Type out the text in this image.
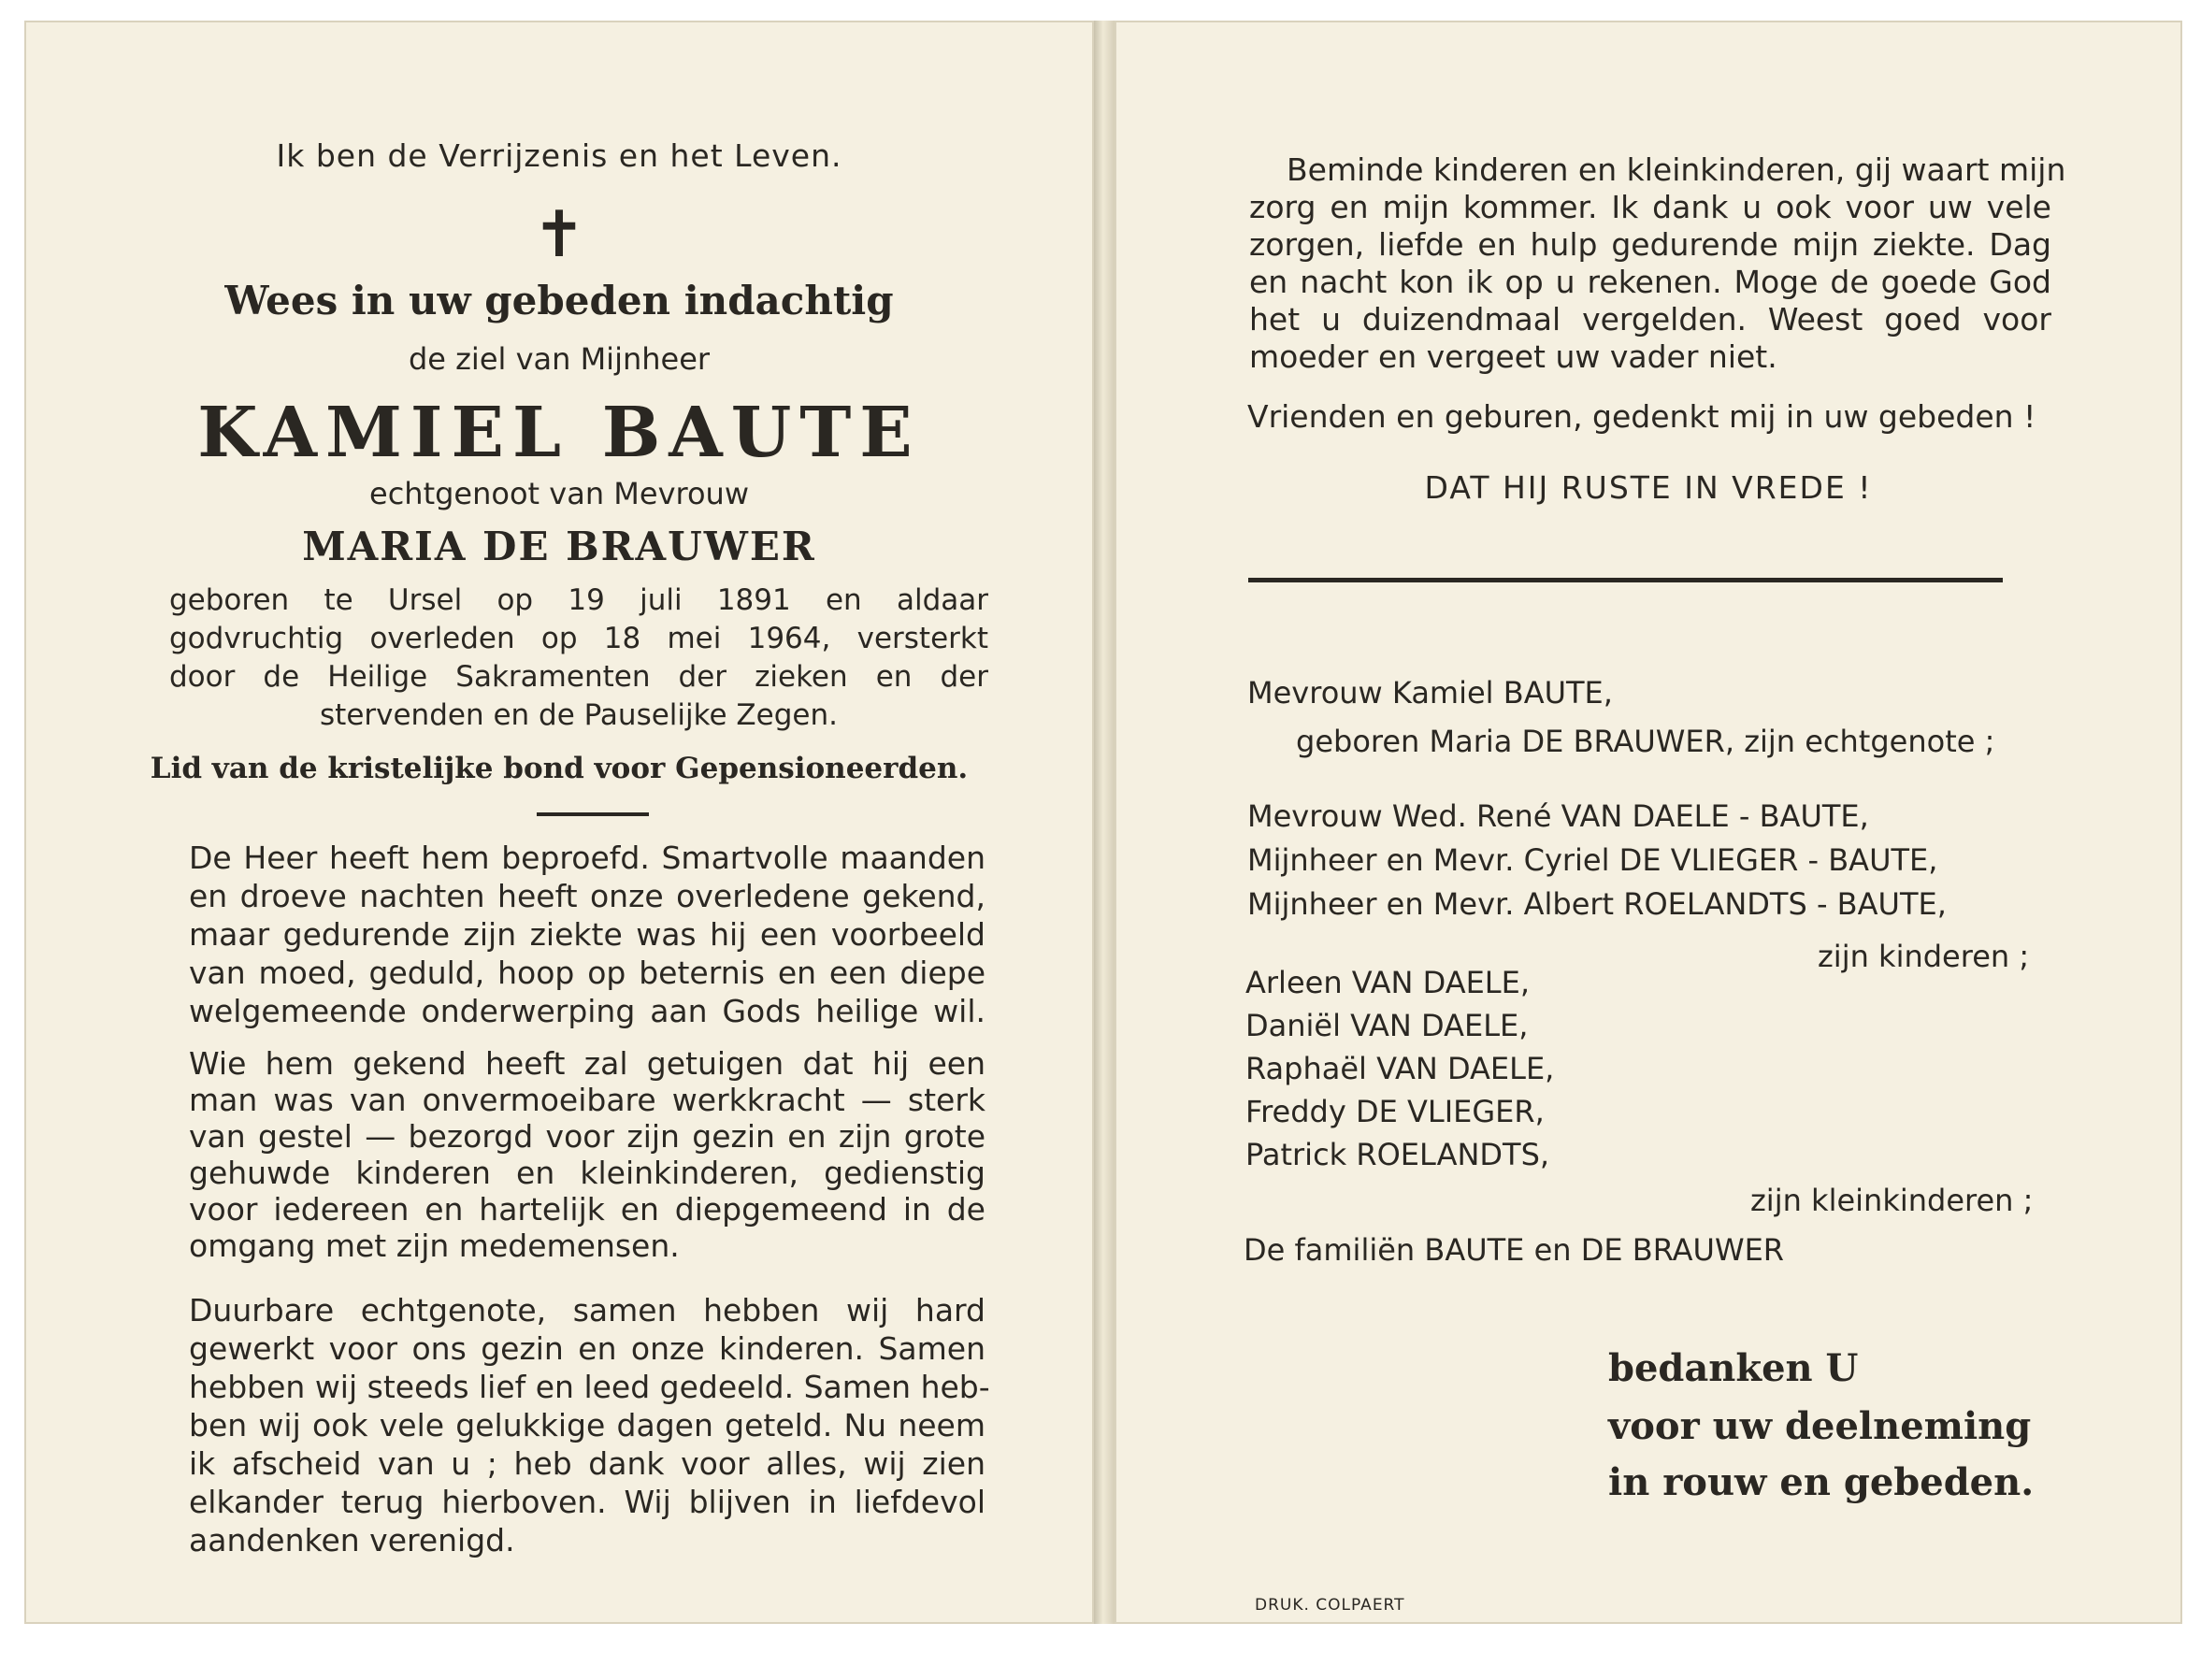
Ik ben de Verrijzenis en het Leven.

✝

Wees in uw gebeden indachtig

de ziel van Mijnheer

KAMIEL BAUTE

echtgenoot van Mevrouw

MARIA DE BRAUWER
geboren te Ursel op 19 juli 1891 en aldaar
godvruchtig overleden op 18 mei 1964, versterkt
door de Heilige Sakramenten der zieken en der
stervenden en de Pauselijke Zegen.

Lid van de kristelijke bond voor Gepensioneerden.

De Heer heeft hem beproefd. Smartvolle maanden
en droeve nachten heeft onze overledene gekend,
maar gedurende zijn ziekte was hij een voorbeeld
van moed, geduld, hoop op beternis en een diepe
welgemeende onderwerping aan Gods heilige wil.
Wie hem gekend heeft zal getuigen dat hij een
man was van onvermoeibare werkkracht — sterk
van gestel — bezorgd voor zijn gezin en zijn grote
gehuwde kinderen en kleinkinderen, gedienstig
voor iedereen en hartelijk en diepgemeend in de
omgang met zijn medemensen.
Duurbare echtgenote, samen hebben wij hard
gewerkt voor ons gezin en onze kinderen. Samen
hebben wij steeds lief en leed gedeeld. Samen heb-
ben wij ook vele gelukkige dagen geteld. Nu neem
ik afscheid van u ; heb dank voor alles, wij zien
elkander terug hierboven. Wij blijven in liefdevol
aandenken verenigd.
Beminde kinderen en kleinkinderen, gij waart mijn
zorg en mijn kommer. Ik dank u ook voor uw vele
zorgen, liefde en hulp gedurende mijn ziekte. Dag
en nacht kon ik op u rekenen. Moge de goede God
het u duizendmaal vergelden. Weest goed voor
moeder en vergeet uw vader niet.

Vrienden en geburen, gedenkt mij in uw gebeden !

DAT HIJ RUSTE IN VREDE !

Mevrouw Kamiel BAUTE,

geboren Maria DE BRAUWER, zijn echtgenote ;

Mevrouw Wed. René VAN DAELE - BAUTE,

Mijnheer en Mevr. Cyriel DE VLIEGER - BAUTE,

Mijnheer en Mevr. Albert ROELANDTS - BAUTE,

zijn kinderen ;

Arleen VAN DAELE,

Daniël VAN DAELE,

Raphaël VAN DAELE,

Freddy DE VLIEGER,

Patrick ROELANDTS,

zijn kleinkinderen ;

De familiën BAUTE en DE BRAUWER

bedanken U

voor uw deelneming

in rouw en gebeden.

DRUK. COLPAERT
